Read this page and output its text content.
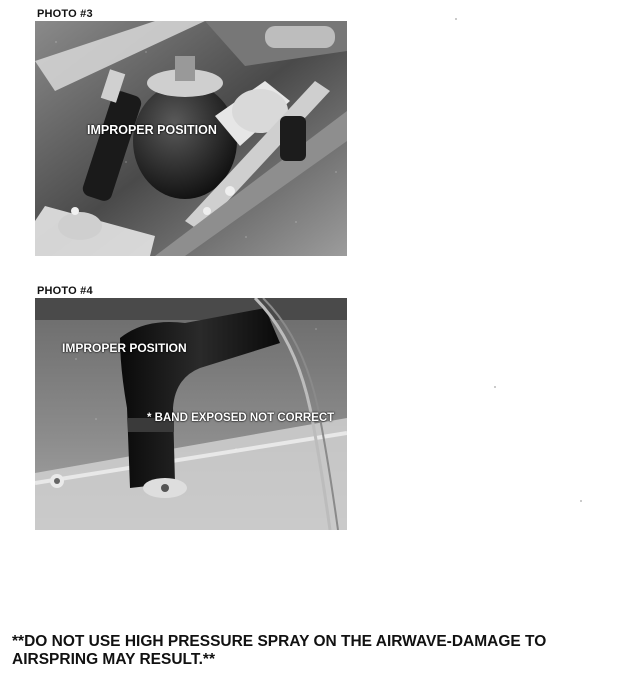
PHOTO #3
IMPROPER POSITION
PHOTO #4
IMPROPER POSITION
* BAND EXPOSED NOT CORRECT
**DO NOT USE HIGH PRESSURE SPRAY ON THE AIRWAVE-DAMAGE TO
AIRSPRING MAY RESULT.**
